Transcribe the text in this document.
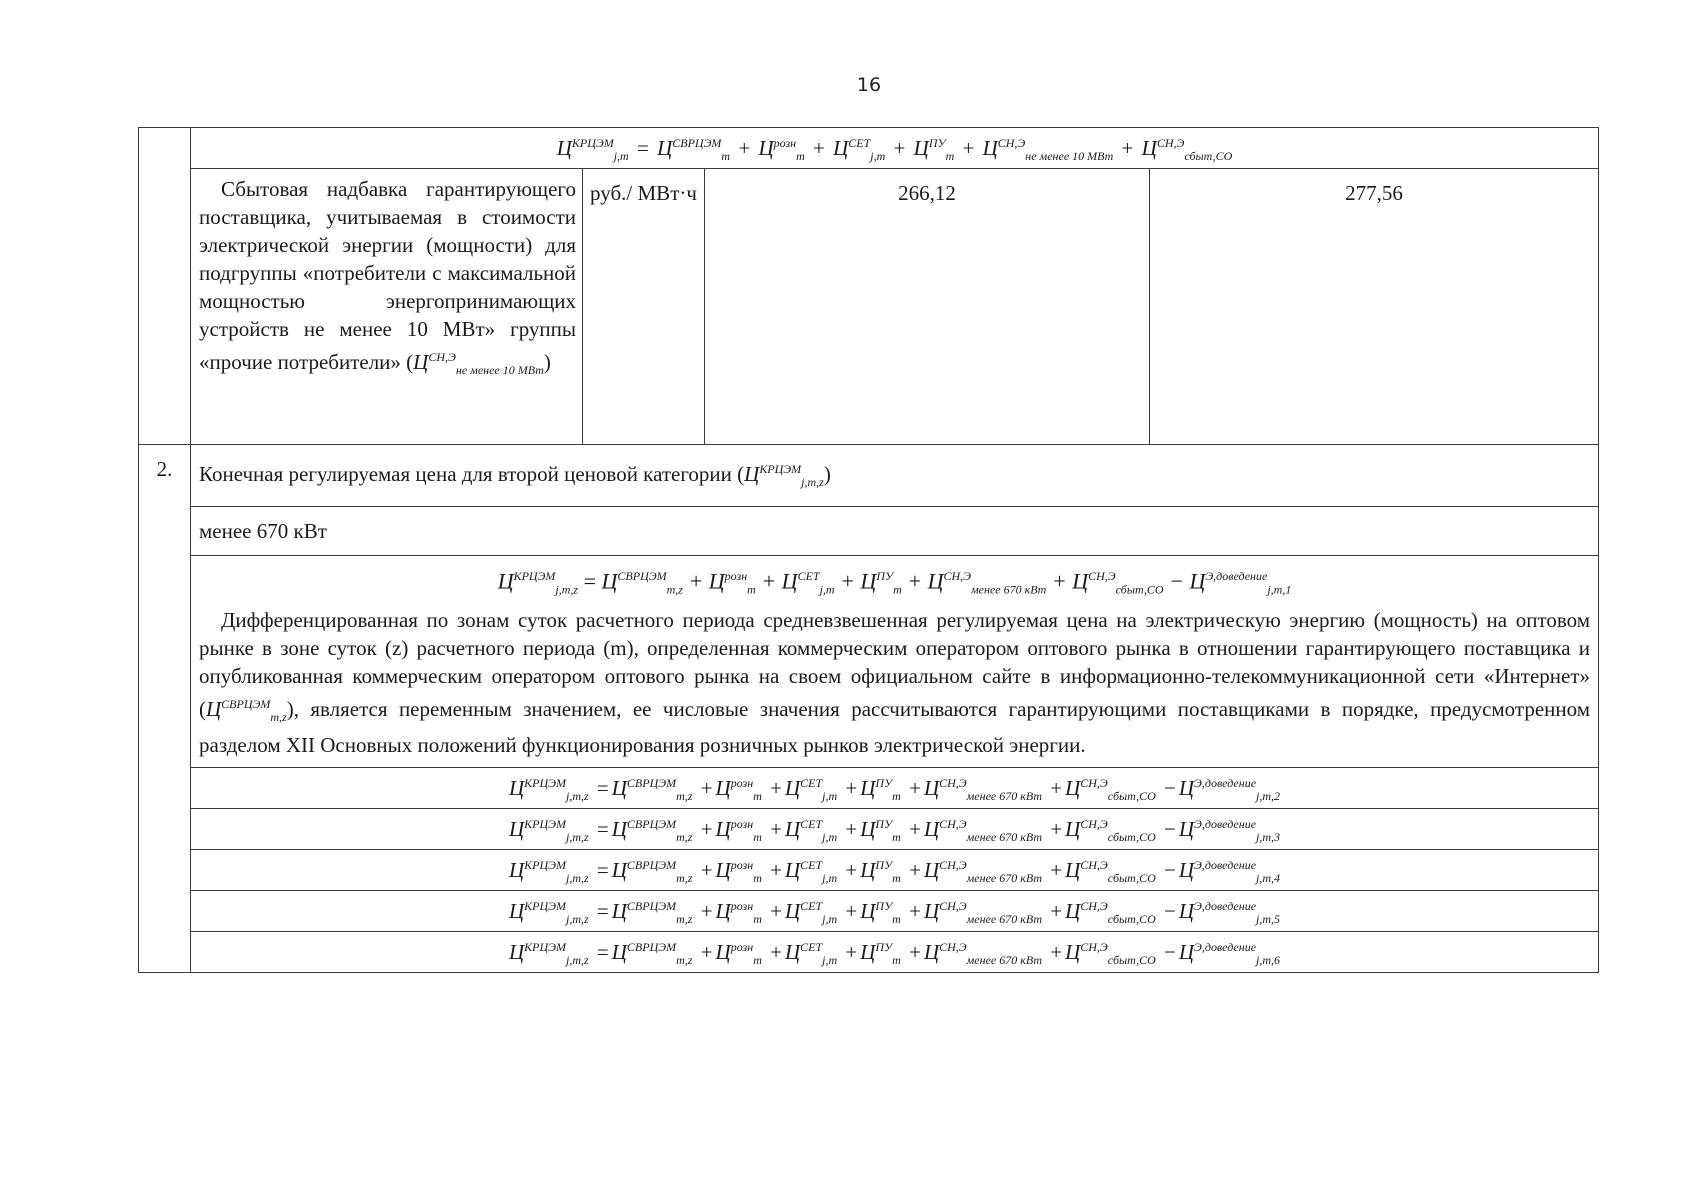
16
	$Ц^{КРЦЭМ}_{j,m} = Ц^{СВРЦЭМ}_m + Ц^{розн}_m + Ц^{СЕТ}_{j,m} + Ц^{ПУ}_m + Ц^{СН,Э}_{не менее 10 МВт} + Ц^{СН,Э}_{сбыт,СО}$
	Сбытовая надбавка гарантирующего поставщика, учитываемая в стоимости электрической энергии (мощности) для подгруппы «потребители с максимальной мощностью энергопринимающих устройств не менее 10 МВт» группы «прочие потребители» $(Ц^{СН,Э}_{не менее 10 МВт})$	руб./ МВт·ч	266,12	277,56
2.	Конечная регулируемая цена для второй ценовой категории $(Ц^{КРЦЭМ}_{j,m,z})$			
	менее 670 кВт			

	$Ц^{КРЦЭМ}_{j,m,z} = Ц^{СВРЦЭМ}_{m,z} + Ц^{розн}_m + Ц^{СЕТ}_{j,m} + Ц^{ПУ}_m + Ц^{СН,Э}_{менее 670 кВт} + Ц^{СН,Э}_{сбыт,СО} - Ц^{Э,доведение}_{j,m,1}$
Дифференцированная по зонам суток расчетного периода средневзвешенная регулируемая цена на электрическую энергию (мощность) на оптовом рынке в зоне суток (z) расчетного периода (m), определенная коммерческим оператором оптового рынка в отношении гарантирующего поставщика и опубликованная коммерческим оператором оптового рынка на своем официальном сайте в информационно-телекоммуникационной сети «Интернет» $(Ц^{СВРЦЭМ}_{m,z})$, является переменным значением, ее числовые значения рассчитываются гарантирующими поставщиками в порядке, предусмотренном разделом XII Основных положений функционирования розничных рынков электрической энергии.			

	$Ц^{КРЦЭМ}_{j,m,z} = Ц^{СВРЦЭМ}_{m,z} + Ц^{розн}_m + Ц^{СЕТ}_{j,m} + Ц^{ПУ}_m + Ц^{СН,Э}_{менее 670 кВт} + Ц^{СН,Э}_{сбыт,СО} - Ц^{Э,доведение}_{j,m,2}$
	$Ц^{КРЦЭМ}_{j,m,z} = Ц^{СВРЦЭМ}_{m,z} + Ц^{розн}_m + Ц^{СЕТ}_{j,m} + Ц^{ПУ}_m + Ц^{СН,Э}_{менее 670 кВт} + Ц^{СН,Э}_{сбыт,СО} - Ц^{Э,доведение}_{j,m,3}$
	$Ц^{КРЦЭМ}_{j,m,z} = Ц^{СВРЦЭМ}_{m,z} + Ц^{розн}_m + Ц^{СЕТ}_{j,m} + Ц^{ПУ}_m + Ц^{СН,Э}_{менее 670 кВт} + Ц^{СН,Э}_{сбыт,СО} - Ц^{Э,доведение}_{j,m,4}$
	$Ц^{КРЦЭМ}_{j,m,z} = Ц^{СВРЦЭМ}_{m,z} + Ц^{розн}_m + Ц^{СЕТ}_{j,m} + Ц^{ПУ}_m + Ц^{СН,Э}_{менее 670 кВт} + Ц^{СН,Э}_{сбыт,СО} - Ц^{Э,доведение}_{j,m,5}$
	$Ц^{КРЦЭМ}_{j,m,z} = Ц^{СВРЦЭМ}_{m,z} + Ц^{розн}_m + Ц^{СЕТ}_{j,m} + Ц^{ПУ}_m + Ц^{СН,Э}_{менее 670 кВт} + Ц^{СН,Э}_{сбыт,СО} - Ц^{Э,доведение}_{j,m,6}$
